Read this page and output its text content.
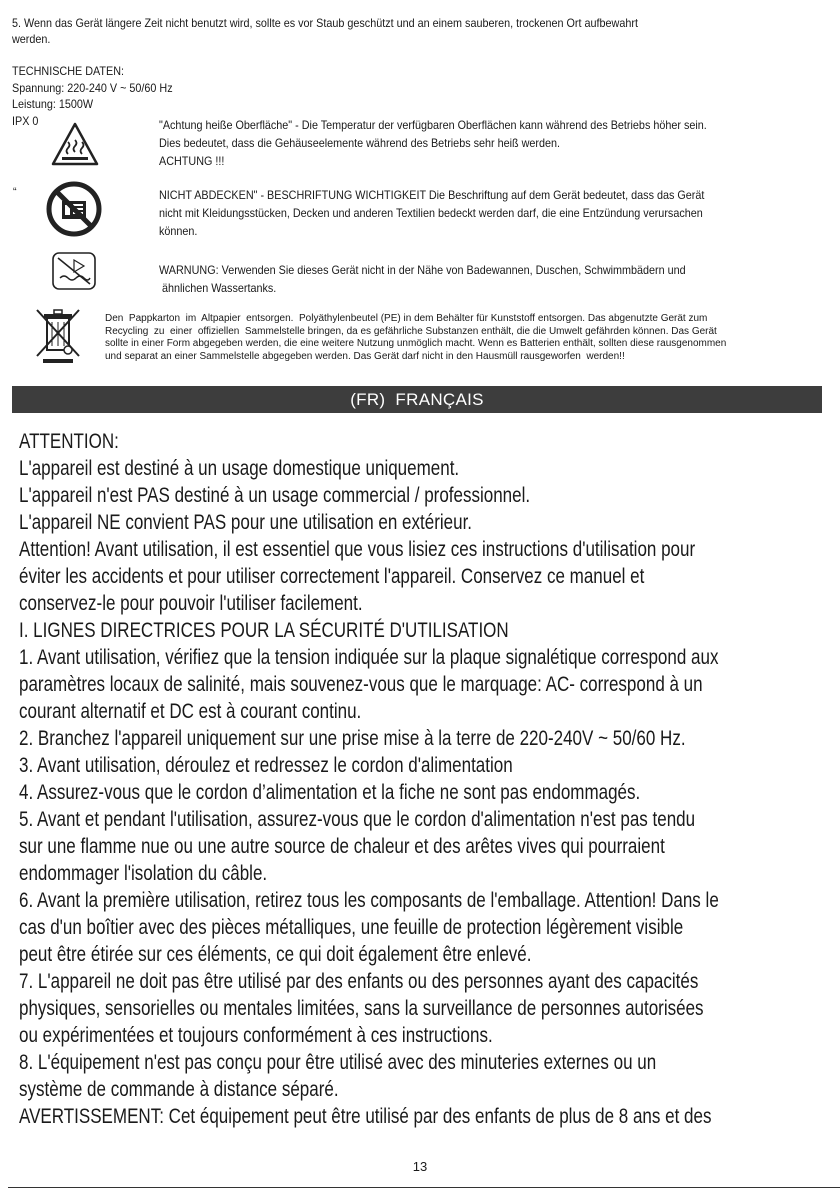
5. Wenn das Gerät längere Zeit nicht benutzt wird, sollte es vor Staub geschützt und an einem sauberen, trockenen Ort aufbewahrt
werden.
TECHNISCHE DATEN:
Spannung: 220-240 V ~ 50/60 Hz
Leistung: 1500W
IPX 0	"Achtung heiße Oberfläche" - Die Temperatur der verfügbaren Oberflächen kann während des Betriebs höher sein.
Dies bedeutet, dass die Gehäuseelemente während des Betriebs sehr heiß werden.
ACHTUNG !!!
“	NICHT ABDECKEN" - BESCHRIFTUNG WICHTIGKEIT Die Beschriftung auf dem Gerät bedeutet, dass das Gerät
nicht mit Kleidungsstücken, Decken und anderen Textilien bedeckt werden darf, die eine Entzündung verursachen
können.
WARNUNG: Verwenden Sie dieses Gerät nicht in der Nähe von Badewannen, Duschen, Schwimmbädern und
ähnlichen Wassertanks.
Den  Pappkarton  im  Altpapier  entsorgen.  Polyäthylenbeutel (PE) in dem Behälter für Kunststoff entsorgen. Das abgenutzte Gerät zum
Recycling  zu  einer  offiziellen  Sammelstelle bringen, da es gefährliche Substanzen enthält, die die Umwelt gefährden können. Das Gerät
sollte in einer Form abgegeben werden, die eine weitere Nutzung unmöglich macht. Wenn es Batterien enthält, sollten diese rausgenommen
und separat an einer Sammelstelle abgegeben werden. Das Gerät darf nicht in den Hausmüll rausgeworfen  werden!!
(FR)  FRANÇAIS
ATTENTION:
L'appareil est destiné à un usage domestique uniquement.
L'appareil n'est PAS destiné à un usage commercial / professionnel.
L'appareil NE convient PAS pour une utilisation en extérieur.
Attention! Avant utilisation, il est essentiel que vous lisiez ces instructions d'utilisation pour
éviter les accidents et pour utiliser correctement l'appareil. Conservez ce manuel et
conservez-le pour pouvoir l'utiliser facilement.
I. LIGNES DIRECTRICES POUR LA SÉCURITÉ D'UTILISATION
1. Avant utilisation, vérifiez que la tension indiquée sur la plaque signalétique correspond aux
paramètres locaux de salinité, mais souvenez-vous que le marquage: AC- correspond à un
courant alternatif et DC est à courant continu.
2. Branchez l'appareil uniquement sur une prise mise à la terre de 220-240V ~ 50/60 Hz.
3. Avant utilisation, déroulez et redressez le cordon d'alimentation
4. Assurez-vous que le cordon d’alimentation et la fiche ne sont pas endommagés.
5. Avant et pendant l'utilisation, assurez-vous que le cordon d'alimentation n'est pas tendu
sur une flamme nue ou une autre source de chaleur et des arêtes vives qui pourraient
endommager l'isolation du câble.
6. Avant la première utilisation, retirez tous les composants de l'emballage. Attention! Dans le
cas d'un boîtier avec des pièces métalliques, une feuille de protection légèrement visible
peut être étirée sur ces éléments, ce qui doit également être enlevé.
7. L'appareil ne doit pas être utilisé par des enfants ou des personnes ayant des capacités
physiques, sensorielles ou mentales limitées, sans la surveillance de personnes autorisées
ou expérimentées et toujours conformément à ces instructions.
8. L'équipement n'est pas conçu pour être utilisé avec des minuteries externes ou un
système de commande à distance séparé.
AVERTISSEMENT: Cet équipement peut être utilisé par des enfants de plus de 8 ans et des
13
